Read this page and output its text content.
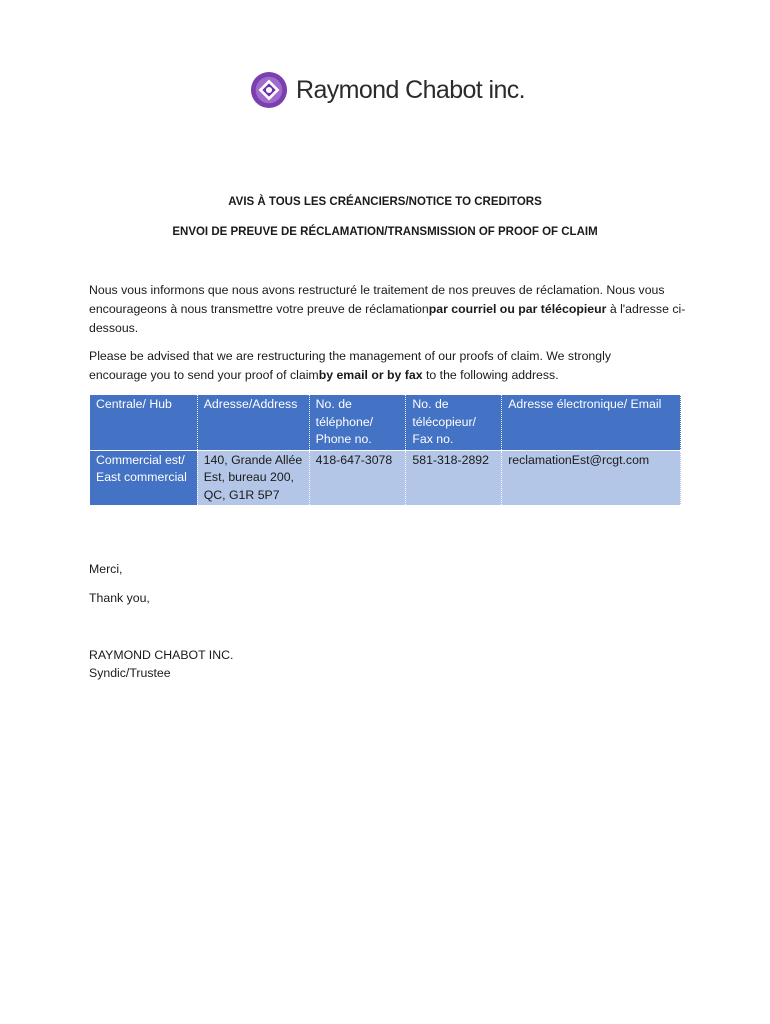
Raymond Chabot inc.
AVIS À TOUS LES CRÉANCIERS/NOTICE TO CREDITORS
ENVOI DE PREUVE DE RÉCLAMATION/TRANSMISSION OF PROOF OF CLAIM
Nous vous informons que nous avons restructuré le traitement de nos preuves de réclamation. Nous vous encourageons à nous transmettre votre preuve de réclamationpar courriel ou par télécopieur à l'adresse ci-dessous.
Please be advised that we are restructuring the management of our proofs of claim. We strongly
encourage you to send your proof of claimby email or by fax to the following address.
Centrale/ Hub	Adresse/Address	No. de téléphone/ Phone no.	No. de télécopieur/ Fax no.	Adresse électronique/ Email
Commercial est/ East commercial	140, Grande Allée Est, bureau 200, QC, G1R 5P7	418-647-3078	581-318-2892	reclamationEst@rcgt.com
Merci,
Thank you,
RAYMOND CHABOT INC.
Syndic/Trustee
